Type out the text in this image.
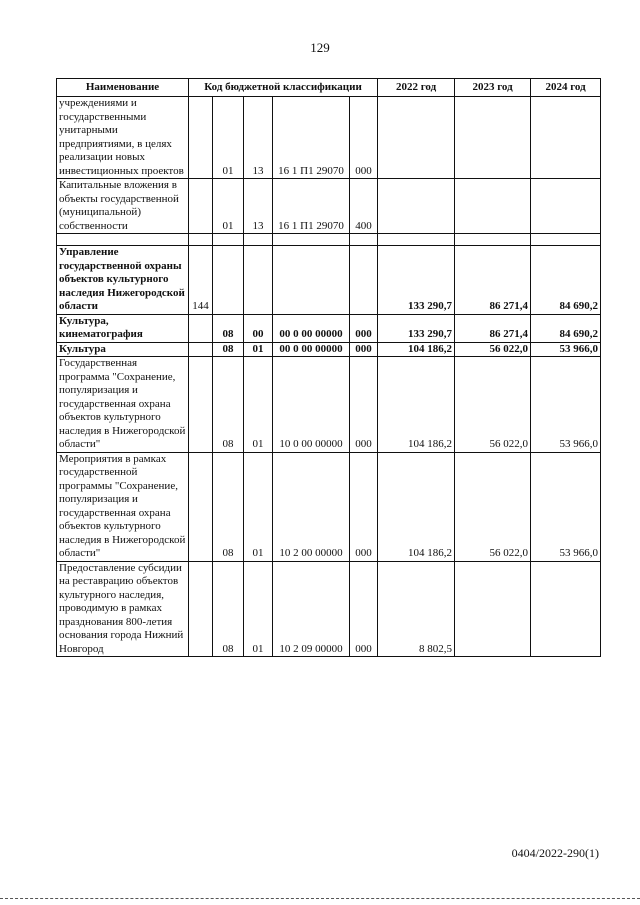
129
Наименование	Код бюджетной классификации					2022 год	2023 год	2024 год
учреждениями и государственными унитарными предприятиями, в целях реализации новых инвестиционных проектов		01	13	16 1 П1 29070	000			
Капитальные вложения в объекты государственной (муниципальной) собственности		01	13	16 1 П1 29070	400			

Управление государственной охраны объектов культурного наследия Нижегородской области	144					133 290,7	86 271,4	84 690,2
Культура, кинематография		08	00	00 0 00 00000	000	133 290,7	86 271,4	84 690,2
Культура		08	01	00 0 00 00000	000	104 186,2	56 022,0	53 966,0
Государственная программа "Сохранение, популяризация и государственная охрана объектов культурного наследия в Нижегородской области"		08	01	10 0 00 00000	000	104 186,2	56 022,0	53 966,0
Мероприятия в рамках государственной программы "Сохранение, популяризация и государственная охрана объектов культурного наследия в Нижегородской области"		08	01	10 2 00 00000	000	104 186,2	56 022,0	53 966,0
Предоставление субсидии на реставрацию объектов культурного наследия, проводимую в рамках празднования 800-летия основания города Нижний Новгород		08	01	10 2 09 00000	000	8 802,5		
0404/2022-290(1)
